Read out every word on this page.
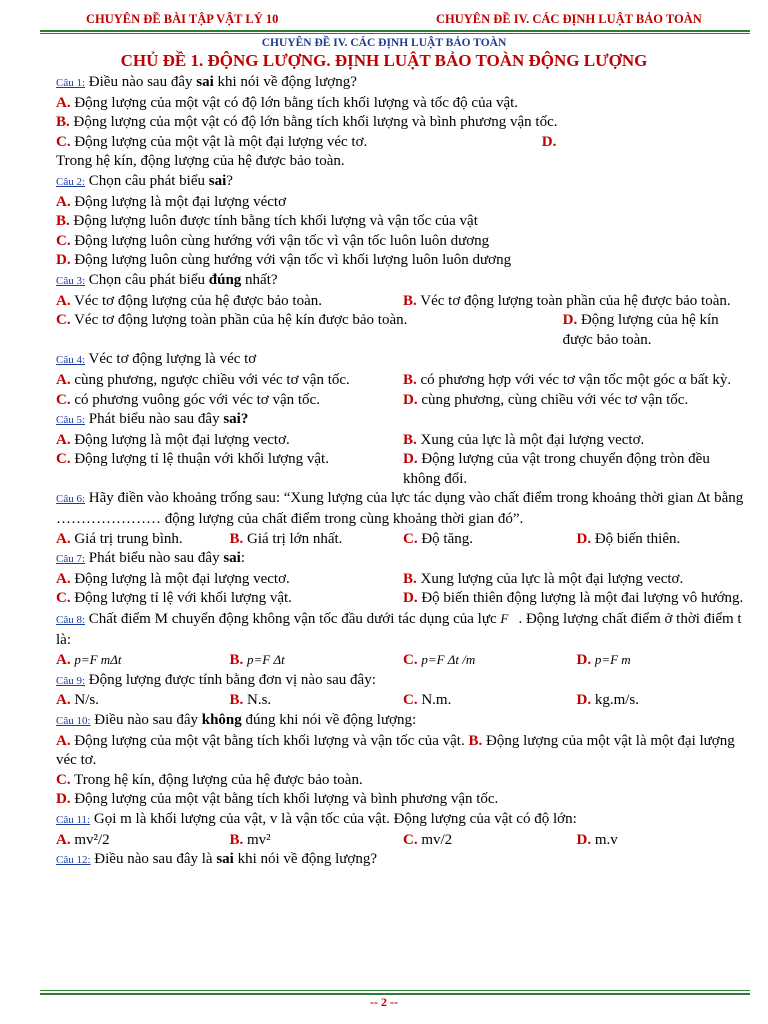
CHUYÊN ĐỀ BÀI TẬP VẬT LÝ 10	CHUYÊN ĐỀ IV. CÁC ĐỊNH LUẬT BẢO TOÀN
CHUYÊN ĐỀ IV. CÁC ĐỊNH LUẬT BẢO TOÀN
CHỦ ĐỀ 1. ĐỘNG LƯỢNG. ĐỊNH LUẬT BẢO TOÀN ĐỘNG LƯỢNG
Câu 1: Điều nào sau đây sai khi nói về động lượng?
A. Động lượng của một vật có độ lớn bằng tích khối lượng và tốc độ của vật.
B. Động lượng của một vật có độ lớn bằng tích khối lượng và bình phương vận tốc.
C. Động lượng của một vật là một đại lượng véc tơ.	D.
Trong hệ kín, động lượng của hệ được bảo toàn.
Câu 2: Chọn câu phát biểu sai?
A. Động lượng là một đại lượng véctơ
B. Động lượng luôn được tính bằng tích khối lượng và vận tốc của vật
C. Động lượng luôn cùng hướng với vận tốc vì vận tốc luôn luôn dương
D. Động lượng luôn cùng hướng với vận tốc vì khối lượng luôn luôn dương
Câu 3: Chọn câu phát biểu đúng nhất?
A. Véc tơ động lượng của hệ được bảo toàn.	B. Véc tơ động lượng toàn phần của hệ được bảo toàn.
C. Véc tơ động lượng toàn phần của hệ kín được bảo toàn.	D. Động lượng của hệ kín được bảo toàn.
Câu 4: Véc tơ động lượng là véc tơ
A. cùng phương, ngược chiều với véc tơ vận tốc.	B. có phương hợp với véc tơ vận tốc một góc α bất kỳ.
C. có phương vuông góc với véc tơ vận tốc.	D. cùng phương, cùng chiều với véc tơ vận tốc.
Câu 5: Phát biểu nào sau đây sai?
A. Động lượng là một đại lượng vectơ.	B. Xung của lực là một đại lượng vectơ.
C. Động lượng tỉ lệ thuận với khối lượng vật.	D. Động lượng của vật trong chuyển động tròn đều không đổi.
Câu 6: Hãy điền vào khoảng trống sau: “Xung lượng của lực tác dụng vào chất điểm trong khoảng thời gian ∆t bằng ………………… động lượng của chất điểm trong cùng khoảng thời gian đó”.
A. Giá trị trung bình.	B. Giá trị lớn nhất.	C. Độ tăng.	D. Độ biến thiên.
Câu 7: Phát biểu nào sau đây sai:
A. Động lượng là một đại lượng vectơ.	B. Xung lượng của lực là một đại lượng vectơ.
C. Động lượng tỉ lệ với khối lượng vật.	D. Độ biến thiên động lượng là một đai lượng vô hướng.
Câu 8: Chất điểm M chuyển động không vận tốc đầu dưới tác dụng của lực F⃗. Động lượng chất điểm ở thời điểm t là:
A. p=F mΔt	B. p=F Δt	C. p=F Δt /m	D. p=F m
Câu 9: Động lượng được tính bằng đơn vị nào sau đây:
A. N/s.	B. N.s.	C. N.m.	D. kg.m/s.
Câu 10: Điều nào sau đây không đúng khi nói về động lượng:
A. Động lượng của một vật bằng tích khối lượng và vận tốc của vật. B. Động lượng của một vật là một đại lượng véc tơ.
C. Trong hệ kín, động lượng của hệ được bảo toàn.
D. Động lượng của một vật bằng tích khối lượng và bình phương vận tốc.
Câu 11: Gọi m là khối lượng của vật, v là vận tốc của vật. Động lượng của vật có độ lớn:
A. mv²/2	B. mv²	C. mv/2	D. m.v
Câu 12: Điều nào sau đây là sai khi nói về động lượng?
-- 2 --
